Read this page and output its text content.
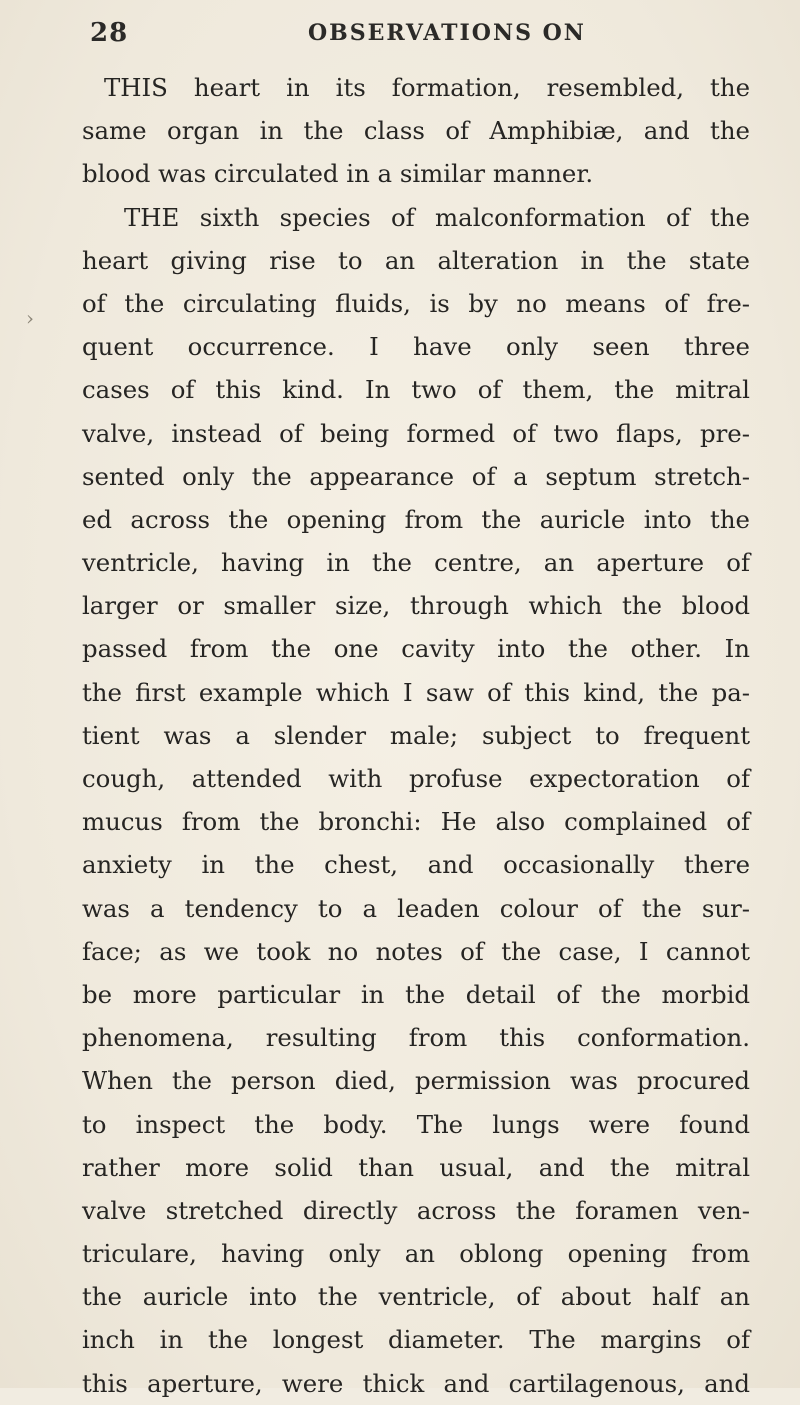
28	OBSERVATIONS ON
›
THIS heart in its formation, resembled, the
same organ in the class of Amphibiæ, and the
blood was circulated in a similar manner.
THE sixth species of malconformation of the
heart giving rise to an alteration in the state
of the circulating fluids, is by no means of fre-
quent occurrence. I have only seen three
cases of this kind. In two of them, the mitral
valve, instead of being formed of two flaps, pre-
sented only the appearance of a septum stretch-
ed across the opening from the auricle into the
ventricle, having in the centre, an aperture of
larger or smaller size, through which the blood
passed from the one cavity into the other. In
the first example which I saw of this kind, the pa-
tient was a slender male; subject to frequent
cough, attended with profuse expectoration of
mucus from the bronchi: He also complained of
anxiety in the chest, and occasionally there
was a tendency to a leaden colour of the sur-
face; as we took no notes of the case, I cannot
be more particular in the detail of the morbid
phenomena, resulting from this conformation.
When the person died, permission was procured
to inspect the body. The lungs were found
rather more solid than usual, and the mitral
valve stretched directly across the foramen ven-
triculare, having only an oblong opening from
the auricle into the ventricle, of about half an
inch in the longest diameter. The margins of
this aperture, were thick and cartilagenous, and
